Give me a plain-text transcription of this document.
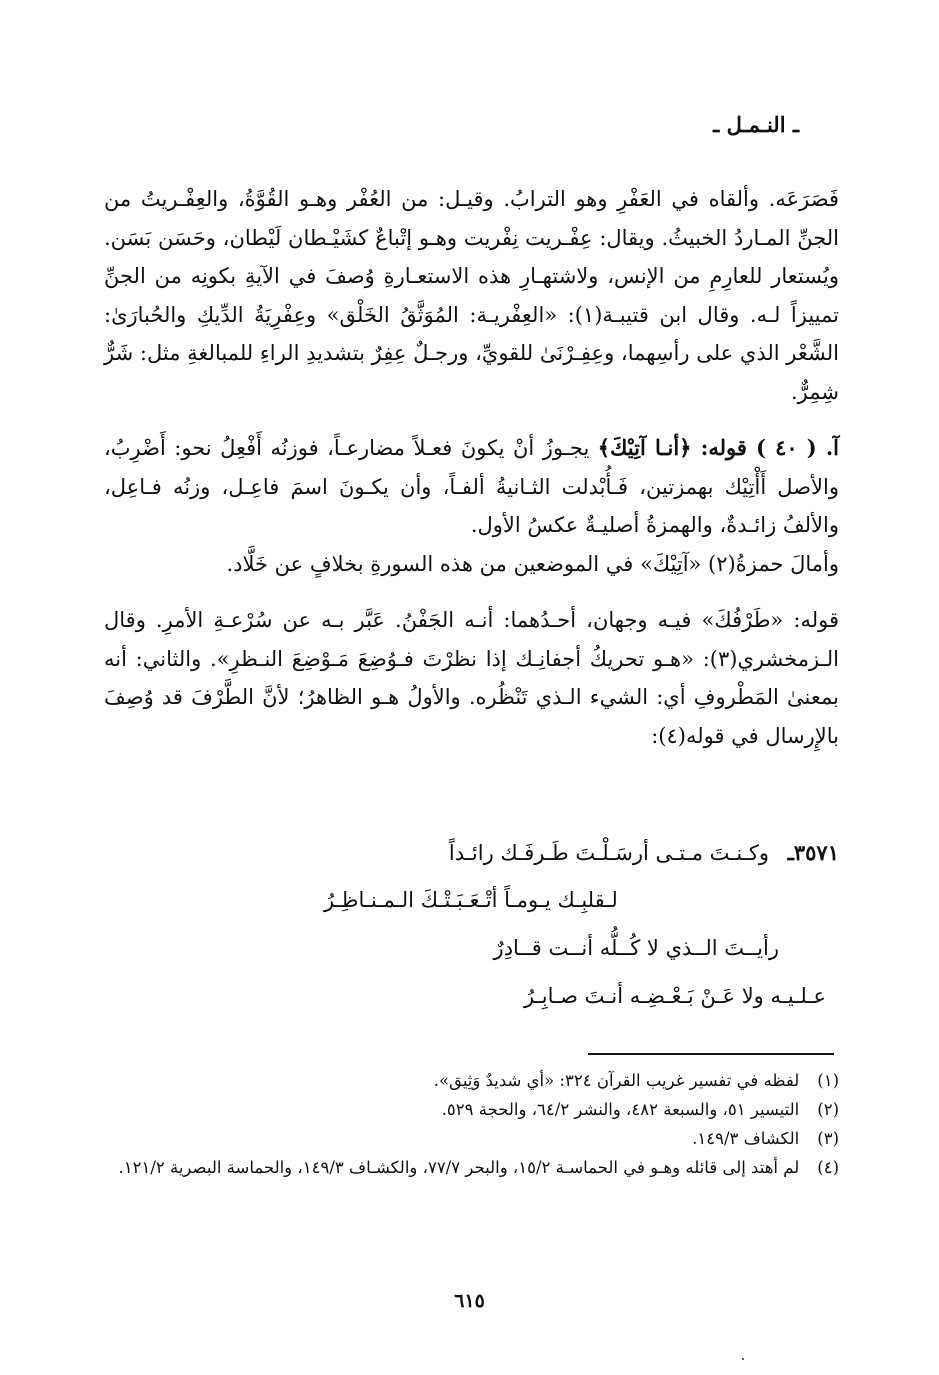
ـ النـمـل ـ

فَصَرَعَه. وألقاه في العَفْرِ وهو الترابُ. وقيـل: من العُفْر وهـو القُوَّةُ، والعِفْـريتُ من الجنِّ المـاردُ الخبيثُ. ويقال: عِفْـريت نِفْريت وهـو إتْباعٌ كشَيْـطان لَيْطان، وحَسَن بَسَن. ويُستعار للعارِمِ من الإنس، ولاشتهـارِ هذه الاستعـارةِ وُصفَ في الآيةِ بكونِه من الجنِّ تمييزاً لـه. وقال ابن قتيبـة(١): «العِفْريـة: المُوَثَّقُ الخَلْق» وعِفْرِيَةُ الدِّيكِ والحُبارَىٰ: الشَّعْر الذي على رأسِهما، وعِفِـرْنَىٰ للقويِّ، ورجـلٌ عِفِرٌ بتشديدِ الراءِ للمبالغةِ مثل: شَرٌّ شِمِرٌّ.

آ. ( ٤٠ ) قوله: ﴿أنـا آتِيْكَ﴾ يجـوزُ أنْ يكونَ فعـلاً مضارعـاً، فوزنُه أَفْعِلُ نحو: أَضْرِبُ، والأصل أَأْتِيْك بهمزتين، فَـأُبْدلت الثـانيةُ ألفـاً، وأن يكـونَ اسمَ فاعِـل، وزنُه فـاعِل، والألفُ زائـدةٌ، والهمزةُ أصليـةٌ عكسُ الأول.

وأمالَ حمزةُ(٢) «آتِيْكَ» في الموضعين من هذه السورةِ بخلافٍ عن خَلَّاد.

قوله: «طَرْفُكَ» فيـه وجهان، أحـدُهما: أنـه الجَفْنُ. عَبَّر بـه عن سُرْعـةِ الأمرِ. وقال الـزمخشري(٣): «هـو تحريكُ أجفانِـك إذا نظرْتَ فـوُضِعَ مَـوْضِعَ النـظرِ». والثاني: أنه بمعنىٰ المَطْروفِ أي: الشيء الـذي تَنْظُره. والأولُ هـو الظاهرُ؛ لأنَّ الطَّرْفَ قد وُصِفَ بالإِرسال في قوله(٤):

٣٥٧١ـ وكـنـتَ مـتـى أرسَـلْـتَ طَـرفَـك رائـداً
لـقلبِـك يـومـاً أتْـعَـبَـتْـكَ الـمـنـاظِـرُ
رأيــتَ الــذي لا كُــلُّه أنــت قــادِرٌ
عـلـيـه ولا عَـنْ بَـعْـضِـه أنـتَ صـابِـرُ
(١)
لفظه في تفسير غريب القرآن ٣٢٤: «أي شديدٌ وَثِيق».
(٢)
التيسير ٥١، والسبعة ٤٨٢، والنشر ٦٤/٢، والحجة ٥٢٩.
(٣)
الكشاف ١٤٩/٣.
(٤)
لم أهتد إلى قائله وهـو في الحماسـة ١٥/٢، والبحر ٧٧/٧، والكشـاف ١٤٩/٣، والحماسة البصرية ١٢١/٢.
٦١٥
